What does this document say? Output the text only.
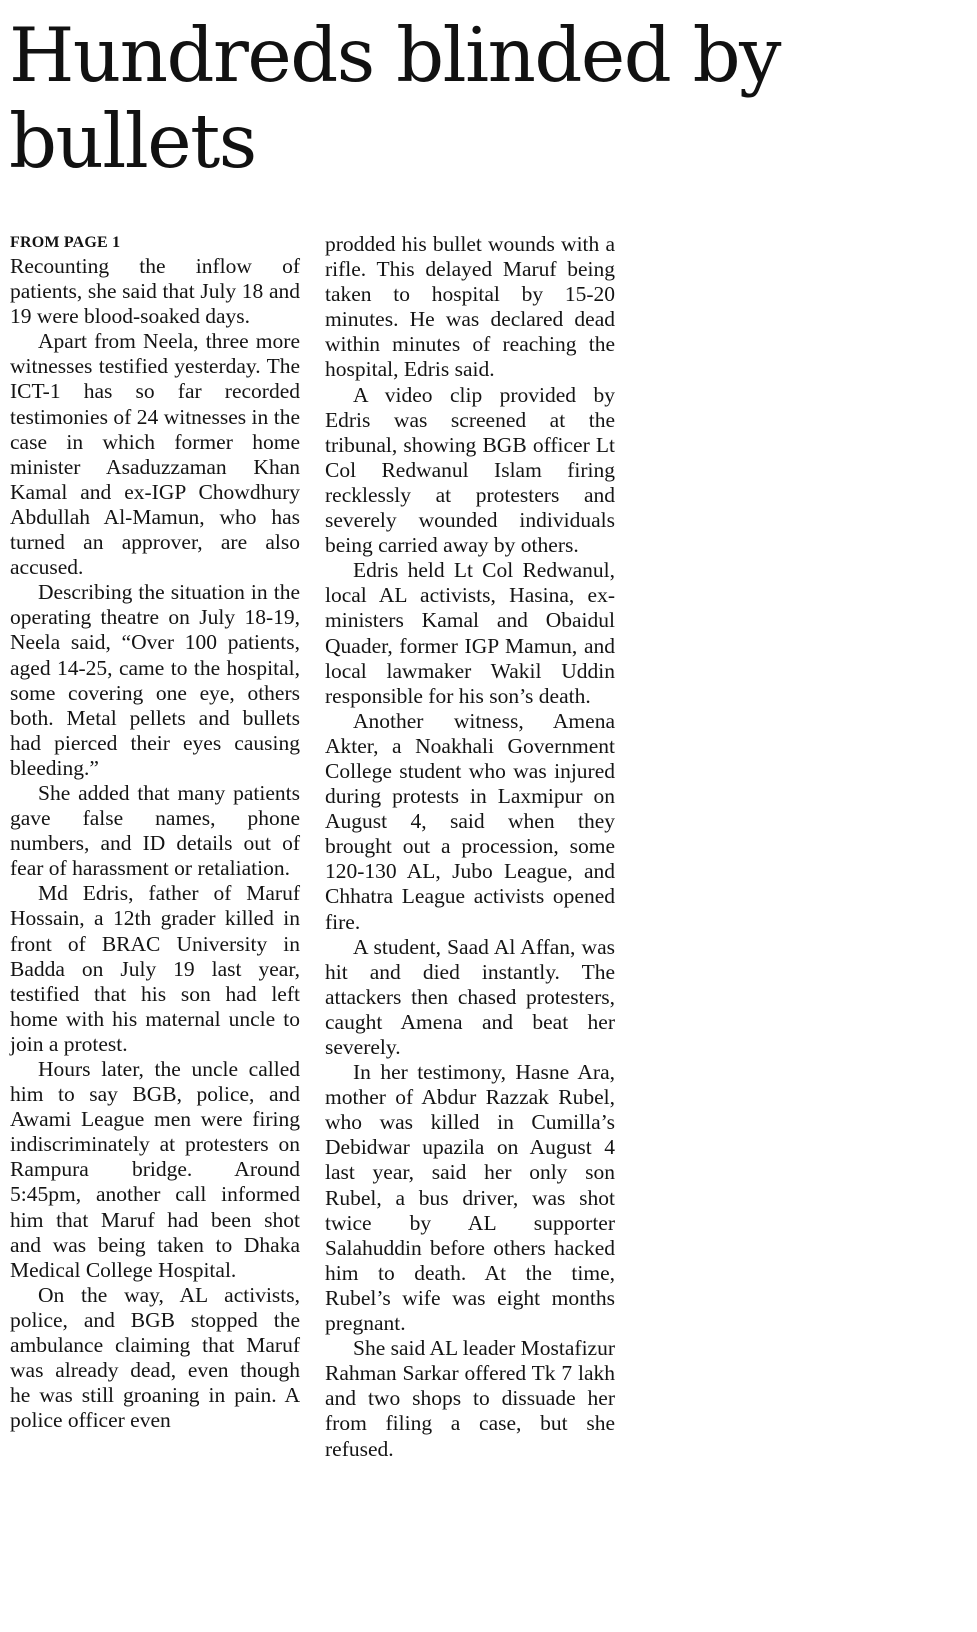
Hundreds blinded by bullets

FROM PAGE 1

Recounting the inflow of patients, she said that July 18 and 19 were blood-soaked days.

Apart from Neela, three more witnesses testified yesterday. The ICT-1 has so far recorded testimonies of 24 witnesses in the case in which former home minister Asaduzzaman Khan Kamal and ex-IGP Chowdhury Abdullah Al-Mamun, who has turned an approver, are also accused.

Describing the situation in the operating theatre on July 18-19, Neela said, “Over 100 patients, aged 14-25, came to the hospital, some covering one eye, others both. Metal pellets and bullets had pierced their eyes causing bleeding.”

She added that many patients gave false names, phone numbers, and ID details out of fear of harassment or retaliation.

Md Edris, father of Maruf Hossain, a 12th grader killed in front of BRAC University in Badda on July 19 last year, testified that his son had left home with his maternal uncle to join a protest.

Hours later, the uncle called him to say BGB, police, and Awami League men were firing indiscriminately at protesters on Rampura bridge. Around 5:45pm, another call informed him that Maruf had been shot and was being taken to Dhaka Medical College Hospital.

On the way, AL activists, police, and BGB stopped the ambulance claiming that Maruf was already dead, even though he was still groaning in pain. A police officer even

prodded his bullet wounds with a rifle. This delayed Maruf being taken to hospital by 15-20 minutes. He was declared dead within minutes of reaching the hospital, Edris said.

A video clip provided by Edris was screened at the tribunal, showing BGB officer Lt Col Redwanul Islam firing recklessly at protesters and severely wounded individuals being carried away by others.

Edris held Lt Col Redwanul, local AL activists, Hasina, ex-ministers Kamal and Obaidul Quader, former IGP Mamun, and local lawmaker Wakil Uddin responsible for his son’s death.

Another witness, Amena Akter, a Noakhali Government College student who was injured during protests in Laxmipur on August 4, said when they brought out a procession, some 120-130 AL, Jubo League, and Chhatra League activists opened fire.

A student, Saad Al Affan, was hit and died instantly. The attackers then chased protesters, caught Amena and beat her severely.

In her testimony, Hasne Ara, mother of Abdur Razzak Rubel, who was killed in Cumilla’s Debidwar upazila on August 4 last year, said her only son Rubel, a bus driver, was shot twice by AL supporter Salahuddin before others hacked him to death. At the time, Rubel’s wife was eight months pregnant.

She said AL leader Mostafizur Rahman Sarkar offered Tk 7 lakh and two shops to dissuade her from filing a case, but she refused.
